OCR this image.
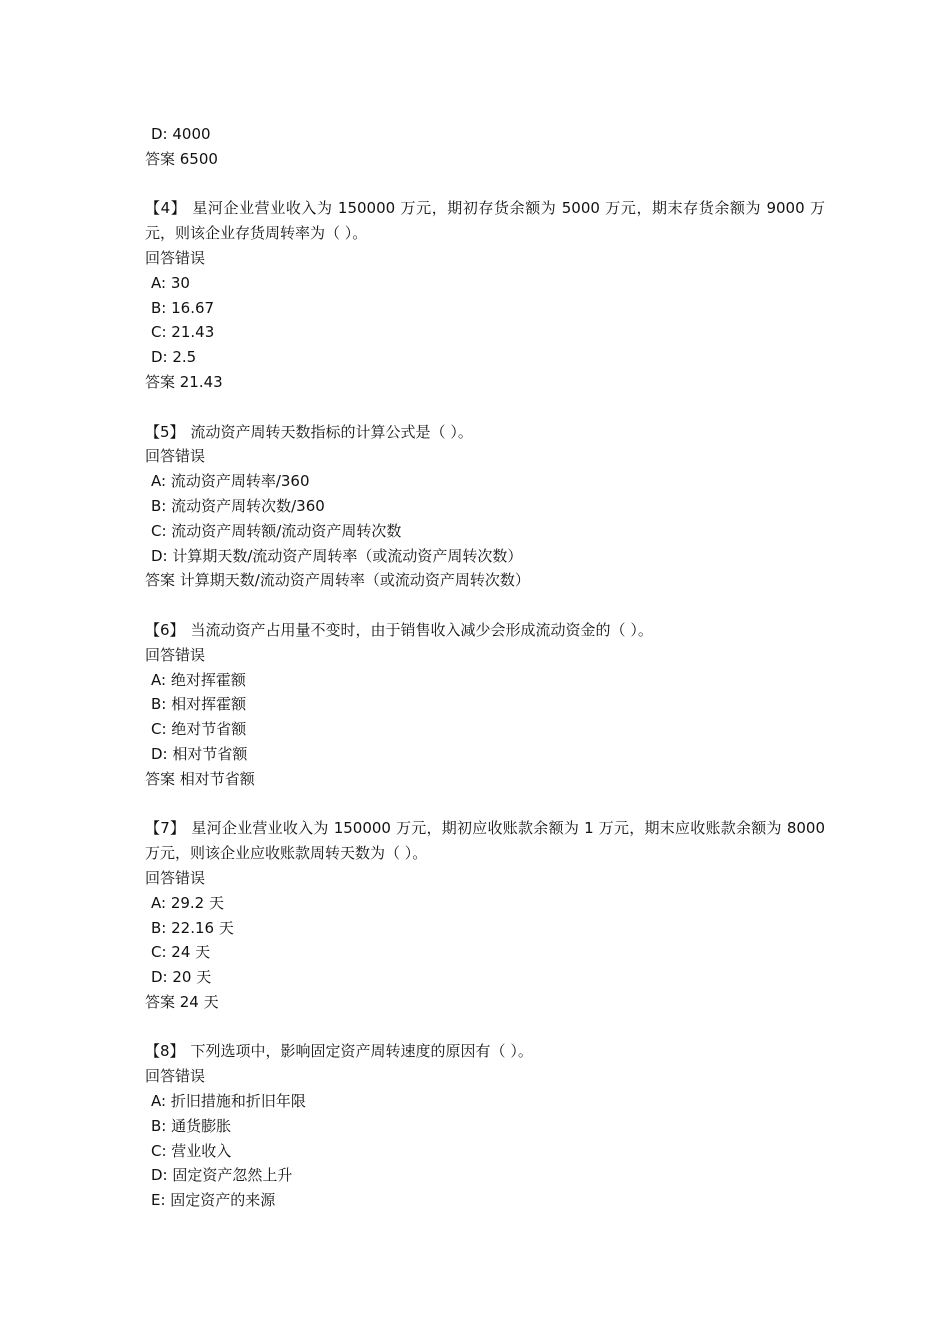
D: 4000
答案 6500
【4】 星河企业营业收入为 150000 万元，期初存货余额为 5000 万元，期末存货余额为 9000 万元，则该企业存货周转率为（ ）。
回答错误
A: 30
B: 16.67
C: 21.43
D: 2.5
答案 21.43
【5】 流动资产周转天数指标的计算公式是（ ）。
回答错误
A: 流动资产周转率/360
B: 流动资产周转次数/360
C: 流动资产周转额/流动资产周转次数
D: 计算期天数/流动资产周转率（或流动资产周转次数）
答案 计算期天数/流动资产周转率（或流动资产周转次数）
【6】 当流动资产占用量不变时，由于销售收入减少会形成流动资金的（ ）。
回答错误
A: 绝对挥霍额
B: 相对挥霍额
C: 绝对节省额
D: 相对节省额
答案 相对节省额
【7】 星河企业营业收入为 150000 万元，期初应收账款余额为 1 万元，期末应收账款余额为 8000 万元，则该企业应收账款周转天数为（ ）。
回答错误
A: 29.2 天
B: 22.16 天
C: 24 天
D: 20 天
答案 24 天
【8】 下列选项中，影响固定资产周转速度的原因有（ ）。
回答错误
A: 折旧措施和折旧年限
B: 通货膨胀
C: 营业收入
D: 固定资产忽然上升
E: 固定资产的来源
